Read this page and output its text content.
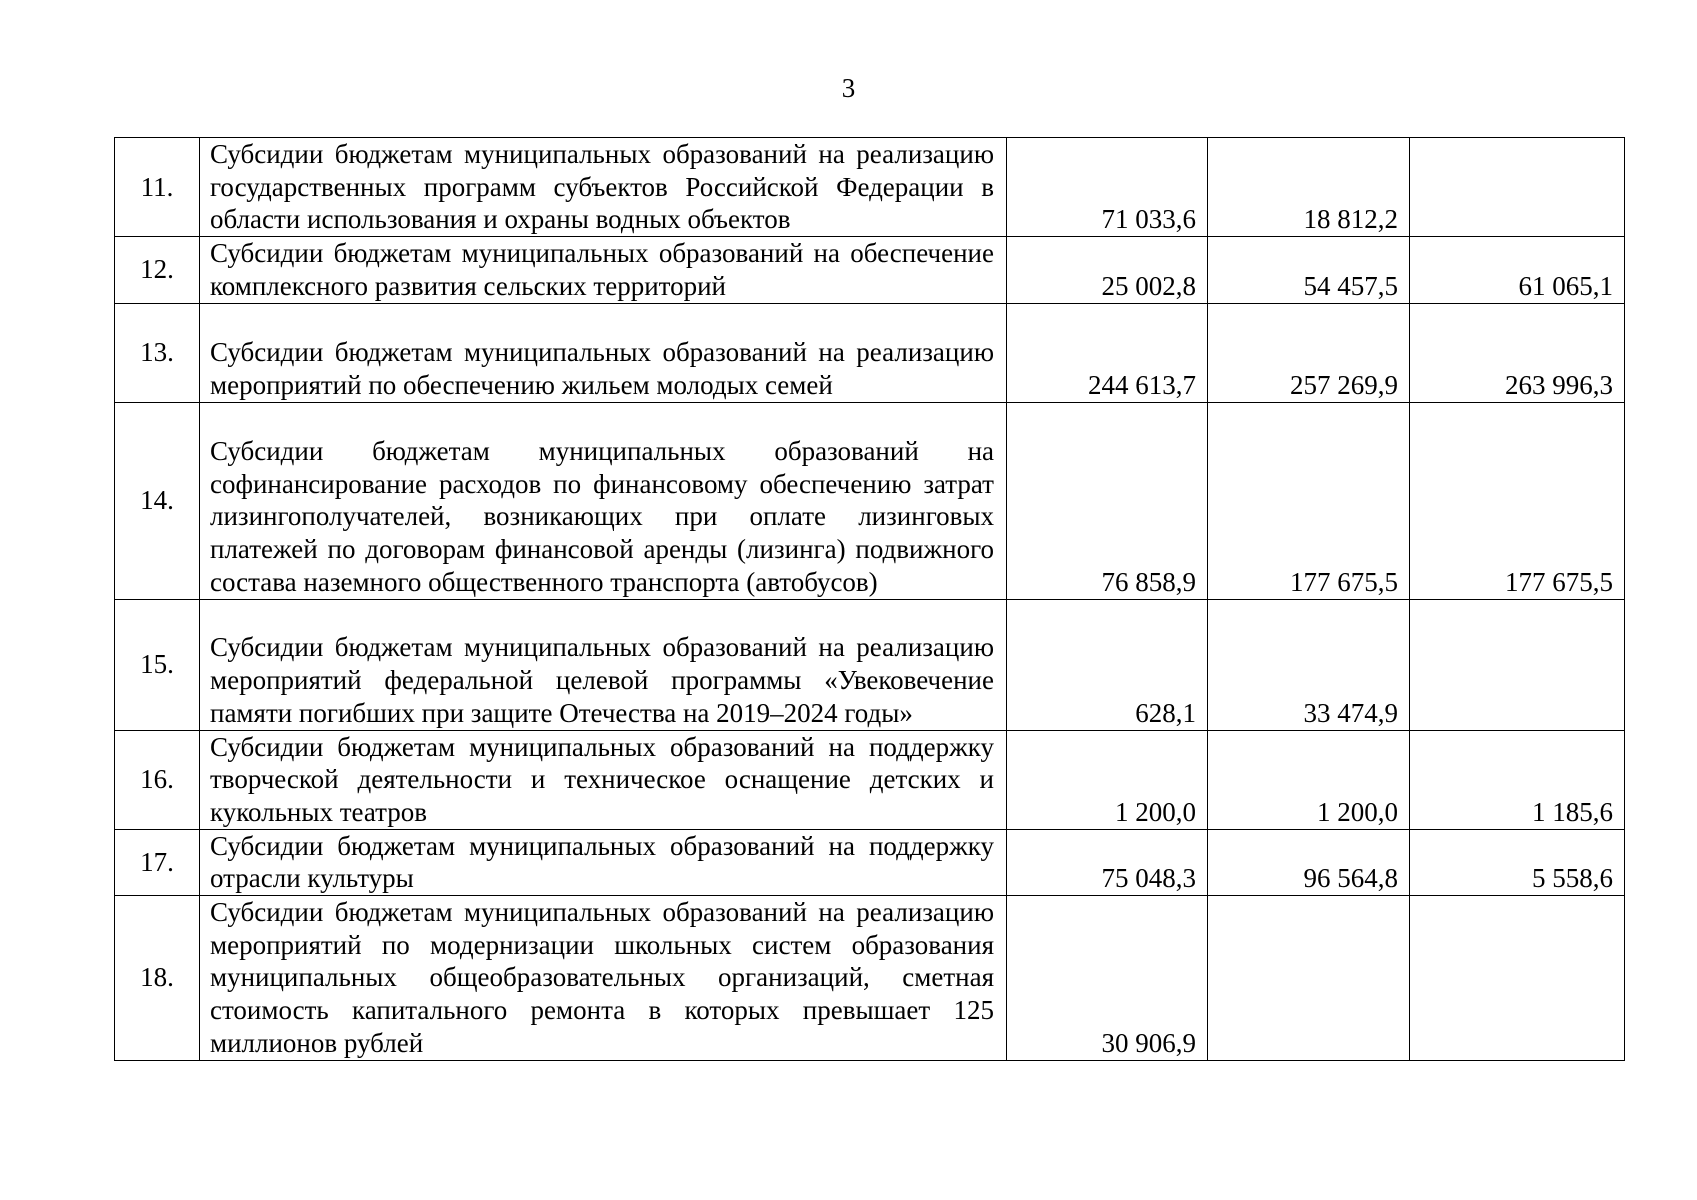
3
11.	Субсидии бюджетам муниципальных образований на реализацию государственных программ субъектов Российской Федерации в области использования и охраны водных объектов	71 033,6	18 812,2	
12.	Субсидии бюджетам муниципальных образований на обеспечение комплексного развития сельских территорий	25 002,8	54 457,5	61 065,1
13.	Субсидии бюджетам муниципальных образований на реализацию мероприятий по обеспечению жильем молодых семей	244 613,7	257 269,9	263 996,3
14.	Субсидии бюджетам муниципальных образований на софинансирование расходов по финансовому обеспечению затрат лизингополучателей, возникающих при оплате лизинговых платежей по договорам финансовой аренды (лизинга) подвижного состава наземного общественного транспорта (автобусов)	76 858,9	177 675,5	177 675,5
15.	Субсидии бюджетам муниципальных образований на реализацию мероприятий федеральной целевой программы «Увековечение памяти погибших при защите Отечества на 2019–2024 годы»	628,1	33 474,9	
16.	Субсидии бюджетам муниципальных образований на поддержку творческой деятельности и техническое оснащение детских и кукольных театров	1 200,0	1 200,0	1 185,6
17.	Субсидии бюджетам муниципальных образований на поддержку отрасли культуры	75 048,3	96 564,8	5 558,6
18.	Субсидии бюджетам муниципальных образований на реализацию мероприятий по модернизации школьных систем образования муниципальных общеобразовательных организаций, сметная стоимость капитального ремонта в которых превышает 125 миллионов рублей	30 906,9		
